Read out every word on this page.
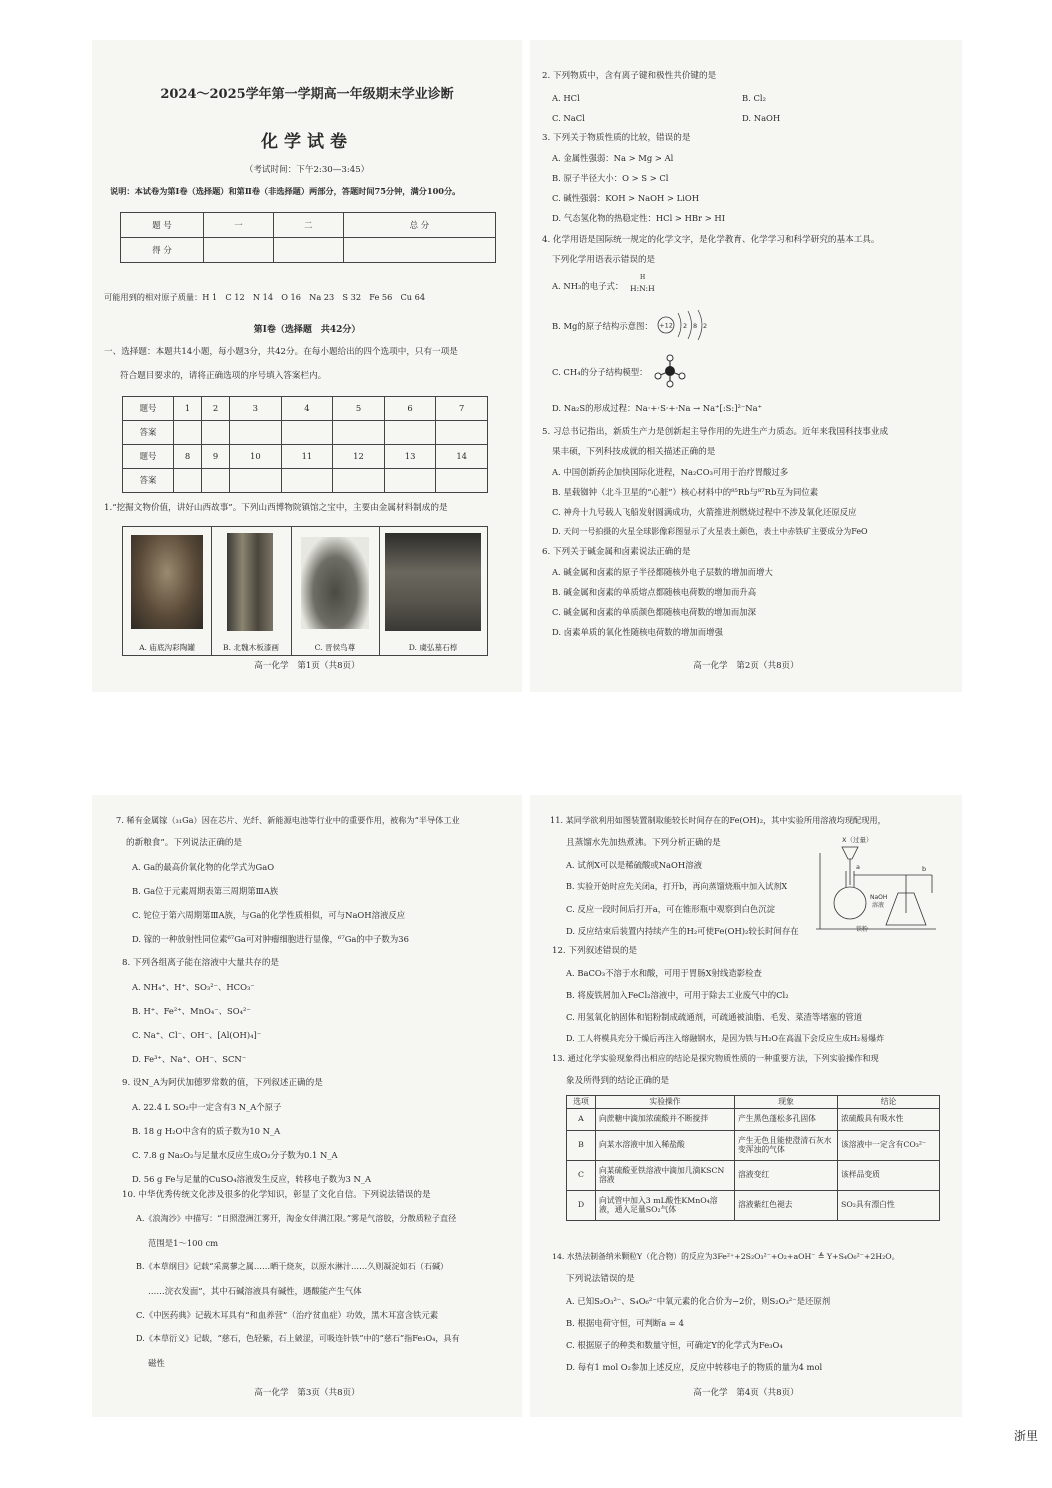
2024～2025学年第一学期高一年级期末学业诊断
化学试卷
（考试时间：下午2:30—3:45）
说明：本试卷为第Ⅰ卷（选择题）和第Ⅱ卷（非选择题）两部分，答题时间75分钟，满分100分。
题 号	一	二	总 分
得 分			
可能用到的相对原子质量：H 1　C 12　N 14　O 16　Na 23　S 32　Fe 56　Cu 64
第Ⅰ卷（选择题　共42分）
一、选择题：本题共14小题，每小题3分，共42分。在每小题给出的四个选项中，只有一项是
符合题目要求的，请将正确选项的序号填入答案栏内。
题号	1	2	3	4	5	6	7
答案							
题号	8	9	10	11	12	13	14
答案							
1.“挖掘文物价值，讲好山西故事”。下列山西博物院镇馆之宝中，主要由金属材料制成的是
A. 庙底沟彩陶罐	B. 北魏木板漆画	C. 晋侯鸟尊	D. 虞弘墓石椁
高一化学　第1页（共8页）
2. 下列物质中，含有离子键和极性共价键的是
A. HCl	B. Cl₂
C. NaCl	D. NaOH
3. 下列关于物质性质的比较，错误的是
A. 金属性强弱：Na > Mg > Al
B. 原子半径大小：O > S > Cl
C. 碱性强弱：KOH > NaOH > LiOH
D. 气态氢化物的热稳定性：HCl > HBr > HI
4. 化学用语是国际统一规定的化学文字，是化学教育、化学学习和科学研究的基本工具。
下列化学用语表示错误的是
A. NH₃的电子式：
H
H:N:H
B. Mg的原子结构示意图： +12 2 8 2
C. CH₄的分子结构模型：
D. Na₂S的形成过程：Na·+·S·+·Na → Na⁺[:S:]²⁻Na⁺
5. 习总书记指出，新质生产力是创新起主导作用的先进生产力质态。近年来我国科技事业成
果丰硕，下列科技成就的相关描述正确的是
A. 中国创新药企加快国际化进程，Na₂CO₃可用于治疗胃酸过多
B. 星载铷钟（北斗卫星的“心脏”）核心材料中的⁸⁵Rb与⁸⁷Rb互为同位素
C. 神舟十九号载人飞船发射圆满成功，火箭推进剂燃烧过程中不涉及氧化还原反应
D. 天问一号拍摄的火星全球影像彩图显示了火星表土颜色，表土中赤铁矿主要成分为FeO
6. 下列关于碱金属和卤素说法正确的是
A. 碱金属和卤素的原子半径都随核外电子层数的增加而增大
B. 碱金属和卤素的单质熔点都随核电荷数的增加而升高
C. 碱金属和卤素的单质颜色都随核电荷数的增加而加深
D. 卤素单质的氧化性随核电荷数的增加而增强
高一化学　第2页（共8页）
7. 稀有金属镓（₃₁Ga）因在芯片、光纤、新能源电池等行业中的重要作用，被称为“半导体工业
的新粮食”。下列说法正确的是
A. Ga的最高价氧化物的化学式为GaO
B. Ga位于元素周期表第三周期第ⅢA族
C. 铊位于第六周期第ⅢA族，与Ga的化学性质相似，可与NaOH溶液反应
D. 镓的一种放射性同位素⁶⁷Ga可对肿瘤细胞进行显像，⁶⁷Ga的中子数为36
8. 下列各组离子能在溶液中大量共存的是
A. NH₄⁺、H⁺、SO₃²⁻、HCO₃⁻
B. H⁺、Fe²⁺、MnO₄⁻、SO₄²⁻
C. Na⁺、Cl⁻、OH⁻、[Al(OH)₄]⁻
D. Fe³⁺、Na⁺、OH⁻、SCN⁻
9. 设N_A为阿伏加德罗常数的值，下列叙述正确的是
A. 22.4 L SO₂中一定含有3 N_A个原子
B. 18 g H₂O中含有的质子数为10 N_A
C. 7.8 g Na₂O₂与足量水反应生成O₂分子数为0.1 N_A
D. 56 g Fe与足量的CuSO₄溶液发生反应，转移电子数为3 N_A
10. 中华优秀传统文化涉及很多的化学知识，彰显了文化自信。下列说法错误的是
A.《浪淘沙》中描写：“日照澄洲江雾开，淘金女伴满江限。”雾是气溶胶，分散质粒子直径
范围是1～100 cm
B.《本草纲目》记载“采蒿蓼之属……晒干烧灰，以原水淋汁……久则凝淀如石（石碱）
……浣衣发面”，其中石碱溶液具有碱性，遇酸能产生气体
C.《中医药典》记载木耳具有“和血养营”（治疗贫血症）功效，黑木耳富含铁元素
D.《本草衍义》记载，“慈石，色轻紫，石上皴涩，可吸连针铁”中的“慈石”指Fe₃O₄，具有
磁性
高一化学　第3页（共8页）
11. 某同学欲利用如图装置制取能较长时间存在的Fe(OH)₂，其中实验所用溶液均现配现用，
且蒸馏水先加热煮沸。下列分析正确的是
A. 试剂X可以是稀硫酸或NaOH溶液
B. 实验开始时应先关闭a，打开b，再向蒸馏烧瓶中加入试剂X
C. 反应一段时间后打开a，可在锥形瓶中观察到白色沉淀
D. 反应结束后装置内持续产生的H₂可使Fe(OH)₂较长时间存在
X（过量）
a	b
NaOH
溶液
铁粉
12. 下列叙述错误的是
A. BaCO₃不溶于水和酸，可用于胃肠X射线造影检查
B. 将废铁屑加入FeCl₂溶液中，可用于除去工业废气中的Cl₂
C. 用氢氧化钠固体和铝粉制成疏通剂，可疏通被油脂、毛发、菜渣等堵塞的管道
D. 工人将模具充分干燥后再注入熔融钢水，是因为铁与H₂O在高温下会反应生成H₂易爆炸
13. 通过化学实验现象得出相应的结论是探究物质性质的一种重要方法，下列实验操作和现
象及所得到的结论正确的是
选项	实验操作	现象	结论
A	向蔗糖中滴加浓硫酸并不断搅拌	产生黑色蓬松多孔固体	浓硫酸具有吸水性
B	向某水溶液中加入稀盐酸	产生无色且能使澄清石灰水变浑浊的气体	该溶液中一定含有CO₃²⁻
C	向某硫酸亚铁溶液中滴加几滴KSCN溶液	溶液变红	该样品变质
D	向试管中加入3 mL酸性KMnO₄溶液，通入足量SO₂气体	溶液紫红色褪去	SO₂具有漂白性
14. 水热法制备纳米颗粒Y（化合物）的反应为3Fe²⁺+2S₂O₃²⁻+O₂+aOH⁻ ≜ Y+S₄O₆²⁻+2H₂O。
下列说法错误的是
A. 已知S₂O₃²⁻、S₄O₆²⁻中氧元素的化合价为−2价，则S₂O₃²⁻是还原剂
B. 根据电荷守恒，可判断a = 4
C. 根据原子的种类和数量守恒，可确定Y的化学式为Fe₃O₄
D. 每有1 mol O₂参加上述反应，反应中转移电子的物质的量为4 mol
高一化学　第4页（共8页）
浙里
